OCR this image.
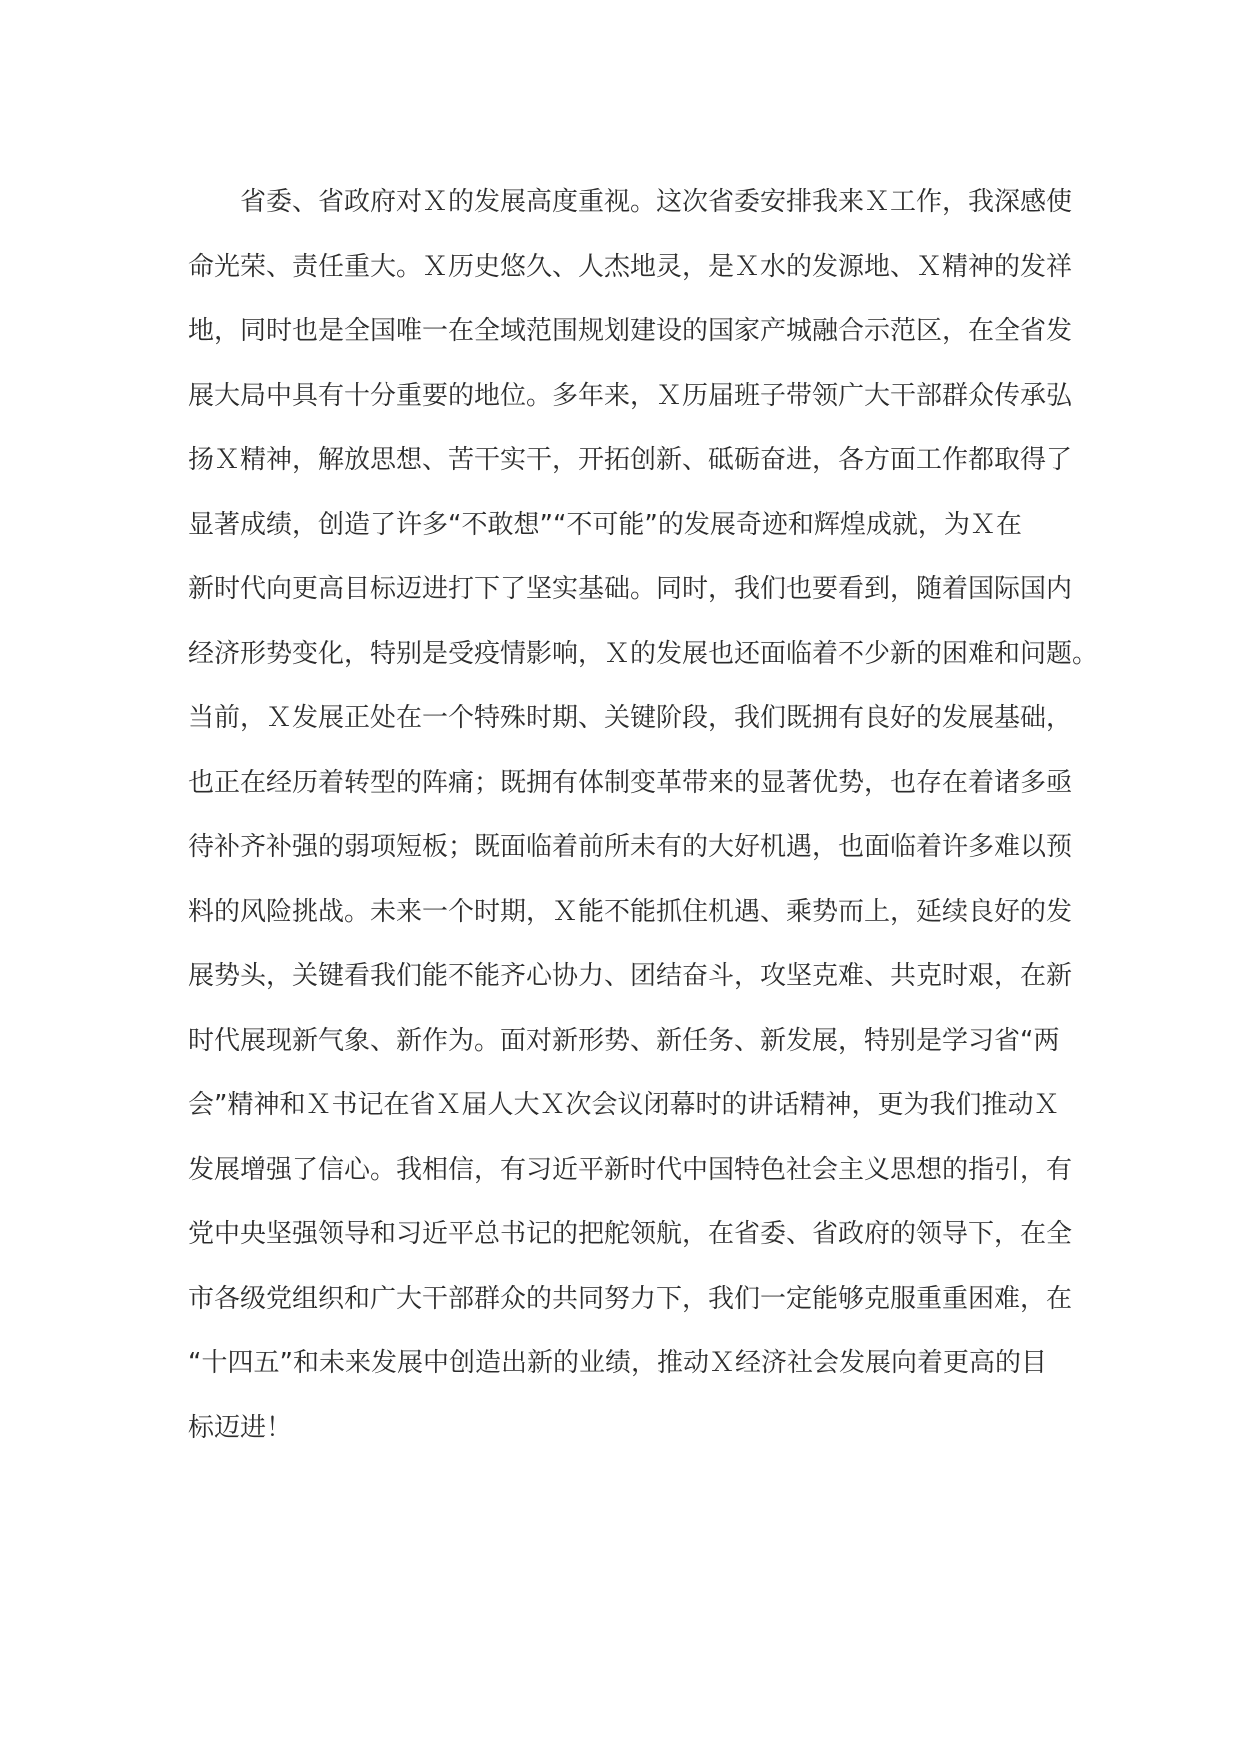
省委、省政府对Ｘ的发展高度重视。这次省委安排我来Ｘ工作，我深感使
命光荣、责任重大。Ｘ历史悠久、人杰地灵，是Ｘ水的发源地、Ｘ精神的发祥
地，同时也是全国唯一在全域范围规划建设的国家产城融合示范区，在全省发
展大局中具有十分重要的地位。多年来，Ｘ历届班子带领广大干部群众传承弘
扬Ｘ精神，解放思想、苦干实干，开拓创新、砥砺奋进，各方面工作都取得了
显著成绩，创造了许多“不敢想”“不可能”的发展奇迹和辉煌成就，为Ｘ在
新时代向更高目标迈进打下了坚实基础。同时，我们也要看到，随着国际国内
经济形势变化，特别是受疫情影响，Ｘ的发展也还面临着不少新的困难和问题。
当前，Ｘ发展正处在一个特殊时期、关键阶段，我们既拥有良好的发展基础，
也正在经历着转型的阵痛；既拥有体制变革带来的显著优势，也存在着诸多亟
待补齐补强的弱项短板；既面临着前所未有的大好机遇，也面临着许多难以预
料的风险挑战。未来一个时期，Ｘ能不能抓住机遇、乘势而上，延续良好的发
展势头，关键看我们能不能齐心协力、团结奋斗，攻坚克难、共克时艰，在新
时代展现新气象、新作为。面对新形势、新任务、新发展，特别是学习省“两
会”精神和Ｘ书记在省Ｘ届人大Ｘ次会议闭幕时的讲话精神，更为我们推动Ｘ
发展增强了信心。我相信，有习近平新时代中国特色社会主义思想的指引，有
党中央坚强领导和习近平总书记的把舵领航，在省委、省政府的领导下，在全
市各级党组织和广大干部群众的共同努力下，我们一定能够克服重重困难，在
“十四五”和未来发展中创造出新的业绩，推动Ｘ经济社会发展向着更高的目
标迈进！
